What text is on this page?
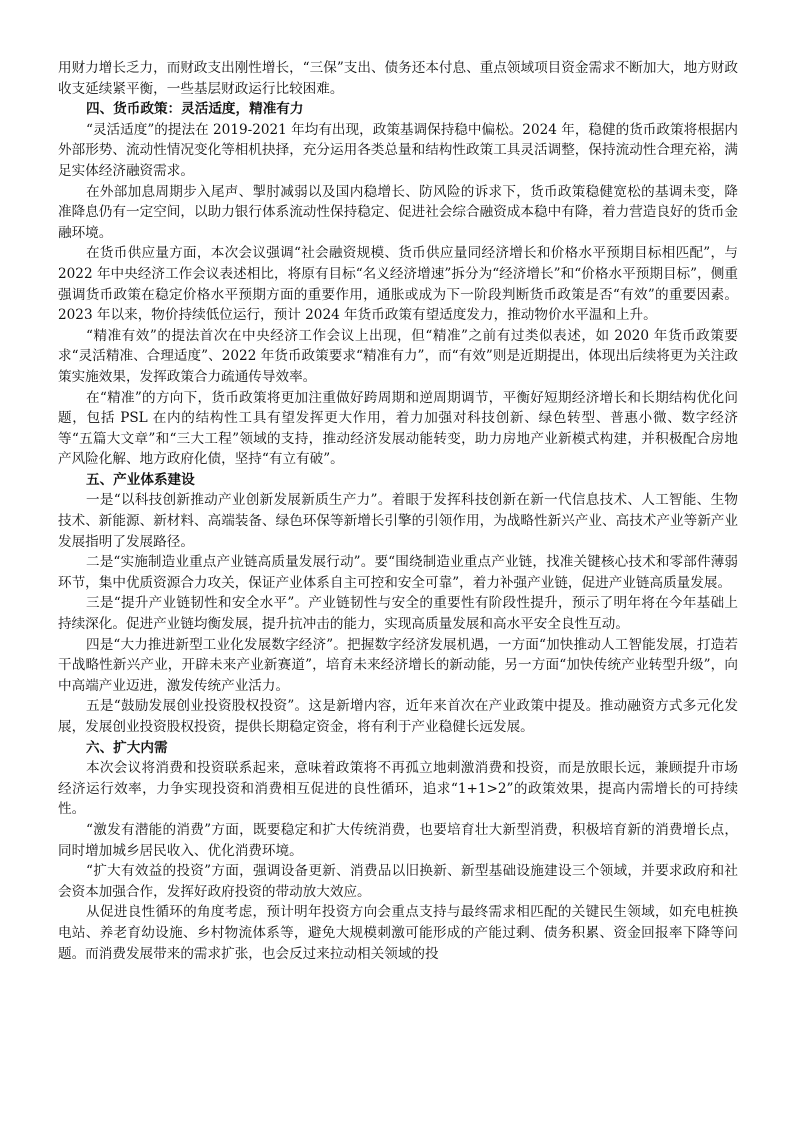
用财力增长乏力，而财政支出刚性增长，“三保”支出、债务还本付息、重点领域项目资金需求不断加大，地方财政收支延续紧平衡，一些基层财政运行比较困难。

四、货币政策：灵活适度，精准有力

“灵活适度”的提法在 2019-2021 年均有出现，政策基调保持稳中偏松。2024 年，稳健的货币政策将根据内外部形势、流动性情况变化等相机抉择，充分运用各类总量和结构性政策工具灵活调整，保持流动性合理充裕，满足实体经济融资需求。

在外部加息周期步入尾声、掣肘减弱以及国内稳增长、防风险的诉求下，货币政策稳健宽松的基调未变，降准降息仍有一定空间，以助力银行体系流动性保持稳定、促进社会综合融资成本稳中有降，着力营造良好的货币金融环境。

在货币供应量方面，本次会议强调“社会融资规模、货币供应量同经济增长和价格水平预期目标相匹配”，与 2022 年中央经济工作会议表述相比，将原有目标“名义经济增速”拆分为“经济增长”和“价格水平预期目标”，侧重强调货币政策在稳定价格水平预期方面的重要作用，通胀或成为下一阶段判断货币政策是否“有效”的重要因素。2023 年以来，物价持续低位运行，预计 2024 年货币政策有望适度发力，推动物价水平温和上升。

“精准有效”的提法首次在中央经济工作会议上出现，但“精准”之前有过类似表述，如 2020 年货币政策要求“灵活精准、合理适度”、2022 年货币政策要求“精准有力”，而“有效”则是近期提出，体现出后续将更为关注政策实施效果，发挥政策合力疏通传导效率。

在“精准”的方向下，货币政策将更加注重做好跨周期和逆周期调节，平衡好短期经济增长和长期结构优化问题，包括 PSL 在内的结构性工具有望发挥更大作用，着力加强对科技创新、绿色转型、普惠小微、数字经济等“五篇大文章”和“三大工程”领域的支持，推动经济发展动能转变，助力房地产业新模式构建，并积极配合房地产风险化解、地方政府化债，坚持“有立有破”。

五、产业体系建设

一是“以科技创新推动产业创新发展新质生产力”。着眼于发挥科技创新在新一代信息技术、人工智能、生物技术、新能源、新材料、高端装备、绿色环保等新增长引擎的引领作用，为战略性新兴产业、高技术产业等新产业发展指明了发展路径。

二是“实施制造业重点产业链高质量发展行动”。要“围绕制造业重点产业链，找准关键核心技术和零部件薄弱环节，集中优质资源合力攻关，保证产业体系自主可控和安全可靠”，着力补强产业链，促进产业链高质量发展。

三是“提升产业链韧性和安全水平”。产业链韧性与安全的重要性有阶段性提升，预示了明年将在今年基础上持续深化。促进产业链均衡发展，提升抗冲击的能力，实现高质量发展和高水平安全良性互动。

四是“大力推进新型工业化发展数字经济”。把握数字经济发展机遇，一方面“加快推动人工智能发展，打造若干战略性新兴产业，开辟未来产业新赛道”，培育未来经济增长的新动能，另一方面“加快传统产业转型升级”，向中高端产业迈进，激发传统产业活力。

五是“鼓励发展创业投资股权投资”。这是新增内容，近年来首次在产业政策中提及。推动融资方式多元化发展，发展创业投资股权投资，提供长期稳定资金，将有利于产业稳健长远发展。

六、扩大内需

本次会议将消费和投资联系起来，意味着政策将不再孤立地刺激消费和投资，而是放眼长远，兼顾提升市场经济运行效率，力争实现投资和消费相互促进的良性循环，追求“1+1>2”的政策效果，提高内需增长的可持续性。

“激发有潜能的消费”方面，既要稳定和扩大传统消费，也要培育壮大新型消费，积极培育新的消费增长点，同时增加城乡居民收入、优化消费环境。

“扩大有效益的投资”方面，强调设备更新、消费品以旧换新、新型基础设施建设三个领域，并要求政府和社会资本加强合作，发挥好政府投资的带动放大效应。

从促进良性循环的角度考虑，预计明年投资方向会重点支持与最终需求相匹配的关键民生领域，如充电桩换电站、养老育幼设施、乡村物流体系等，避免大规模刺激可能形成的产能过剩、债务积累、资金回报率下降等问题。而消费发展带来的需求扩张，也会反过来拉动相关领域的投
